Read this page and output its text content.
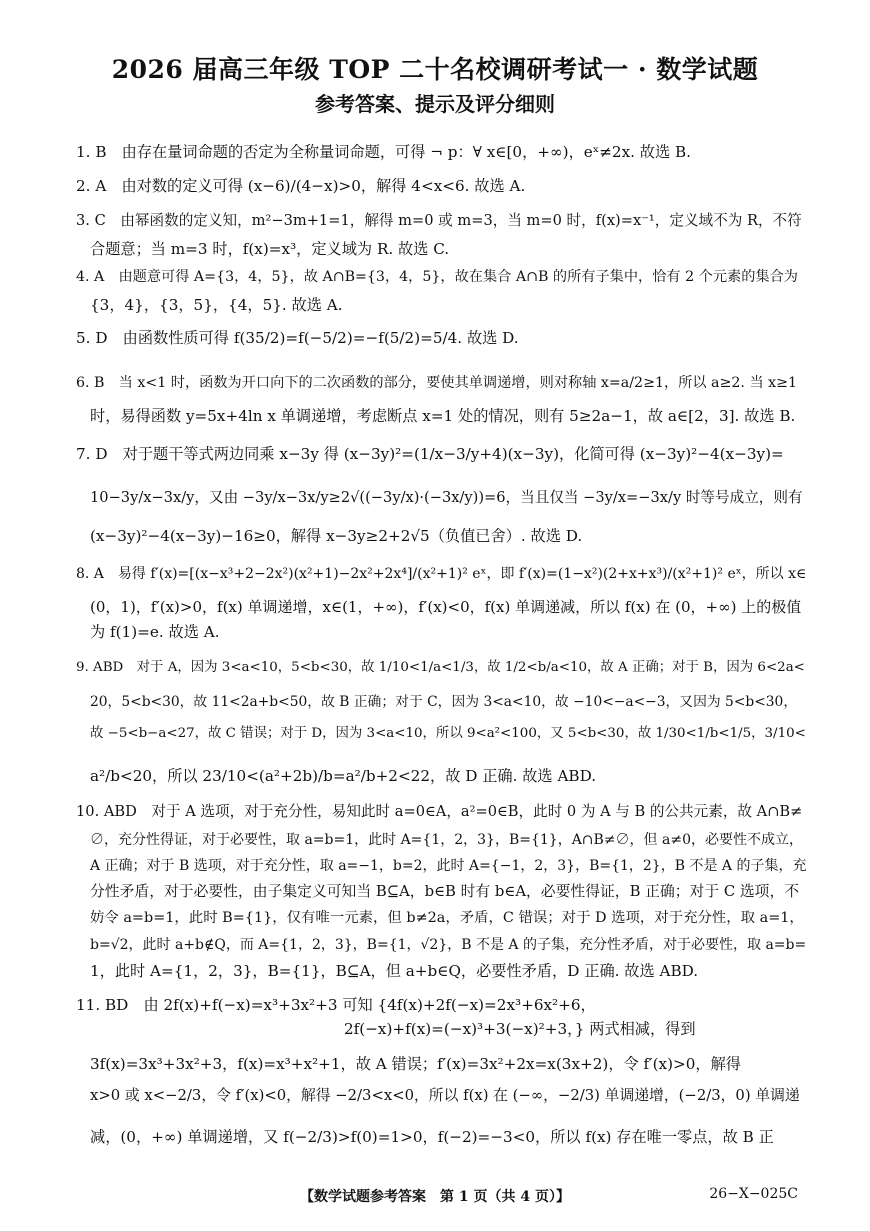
2026 届高三年级 TOP 二十名校调研考试一 · 数学试题
参考答案、提示及评分细则
1. B　由存在量词命题的否定为全称量词命题，可得 ¬ p：∀ x∈[0，+∞)，eˣ≠2x. 故选 B.
2. A　由对数的定义可得 (x−6)/(4−x)>0，解得 4<x<6. 故选 A.
3. C　由幂函数的定义知，m²−3m+1=1，解得 m=0 或 m=3，当 m=0 时，f(x)=x⁻¹，定义域不为 R，不符
合题意；当 m=3 时，f(x)=x³，定义域为 R. 故选 C.
4. A　由题意可得 A={3，4，5}，故 A∩B={3，4，5}，故在集合 A∩B 的所有子集中，恰有 2 个元素的集合为
{3，4}，{3，5}，{4，5}. 故选 A.
5. D　由函数性质可得 f(35/2)=f(−5/2)=−f(5/2)=5/4. 故选 D.
6. B　当 x<1 时，函数为开口向下的二次函数的部分，要使其单调递增，则对称轴 x=a/2≥1，所以 a≥2. 当 x≥1
时，易得函数 y=5x+4ln x 单调递增，考虑断点 x=1 处的情况，则有 5≥2a−1，故 a∈[2，3]. 故选 B.
7. D　对于题干等式两边同乘 x−3y 得 (x−3y)²=(1/x−3/y+4)(x−3y)，化简可得 (x−3y)²−4(x−3y)=
10−3y/x−3x/y，又由 −3y/x−3x/y≥2√((−3y/x)·(−3x/y))=6，当且仅当 −3y/x=−3x/y 时等号成立，则有
(x−3y)²−4(x−3y)−16≥0，解得 x−3y≥2+2√5（负值已舍）. 故选 D.
8. A　易得 f′(x)=[(x−x³+2−2x²)(x²+1)−2x²+2x⁴]/(x²+1)² eˣ，即 f′(x)=(1−x²)(2+x+x³)/(x²+1)² eˣ，所以 x∈
(0，1)，f′(x)>0，f(x) 单调递增，x∈(1，+∞)，f′(x)<0，f(x) 单调递减，所以 f(x) 在 (0，+∞) 上的极值
为 f(1)=e. 故选 A.
9. ABD　对于 A，因为 3<a<10，5<b<30，故 1/10<1/a<1/3，故 1/2<b/a<10，故 A 正确；对于 B，因为 6<2a<
20，5<b<30，故 11<2a+b<50，故 B 正确；对于 C，因为 3<a<10，故 −10<−a<−3，又因为 5<b<30，
故 −5<b−a<27，故 C 错误；对于 D，因为 3<a<10，所以 9<a²<100，又 5<b<30，故 1/30<1/b<1/5，3/10<
a²/b<20，所以 23/10<(a²+2b)/b=a²/b+2<22，故 D 正确. 故选 ABD.
10. ABD　对于 A 选项，对于充分性，易知此时 a=0∈A，a²=0∈B，此时 0 为 A 与 B 的公共元素，故 A∩B≠
∅，充分性得证，对于必要性，取 a=b=1，此时 A={1，2，3}，B={1}，A∩B≠∅，但 a≠0，必要性不成立，
A 正确；对于 B 选项，对于充分性，取 a=−1，b=2，此时 A={−1，2，3}，B={1，2}，B 不是 A 的子集，充
分性矛盾，对于必要性，由子集定义可知当 B⊆A，b∈B 时有 b∈A，必要性得证，B 正确；对于 C 选项，不
妨令 a=b=1，此时 B={1}，仅有唯一元素，但 b≠2a，矛盾，C 错误；对于 D 选项，对于充分性，取 a=1，
b=√2，此时 a+b∉Q，而 A={1，2，3}，B={1，√2}，B 不是 A 的子集，充分性矛盾，对于必要性，取 a=b=
1，此时 A={1，2，3}，B={1}，B⊆A，但 a+b∈Q，必要性矛盾，D 正确. 故选 ABD.
11. BD　由 2f(x)+f(−x)=x³+3x²+3 可知 {4f(x)+2f(−x)=2x³+6x²+6，
2f(−x)+f(x)=(−x)³+3(−x)²+3，} 两式相减，得到
3f(x)=3x³+3x²+3，f(x)=x³+x²+1，故 A 错误；f′(x)=3x²+2x=x(3x+2)，令 f′(x)>0，解得
x>0 或 x<−2/3，令 f′(x)<0，解得 −2/3<x<0，所以 f(x) 在 (−∞，−2/3) 单调递增，(−2/3，0) 单调递
减，(0，+∞) 单调递增，又 f(−2/3)>f(0)=1>0，f(−2)=−3<0，所以 f(x) 存在唯一零点，故 B 正
【数学试题参考答案　第 1 页（共 4 页）】	26−X−025C
